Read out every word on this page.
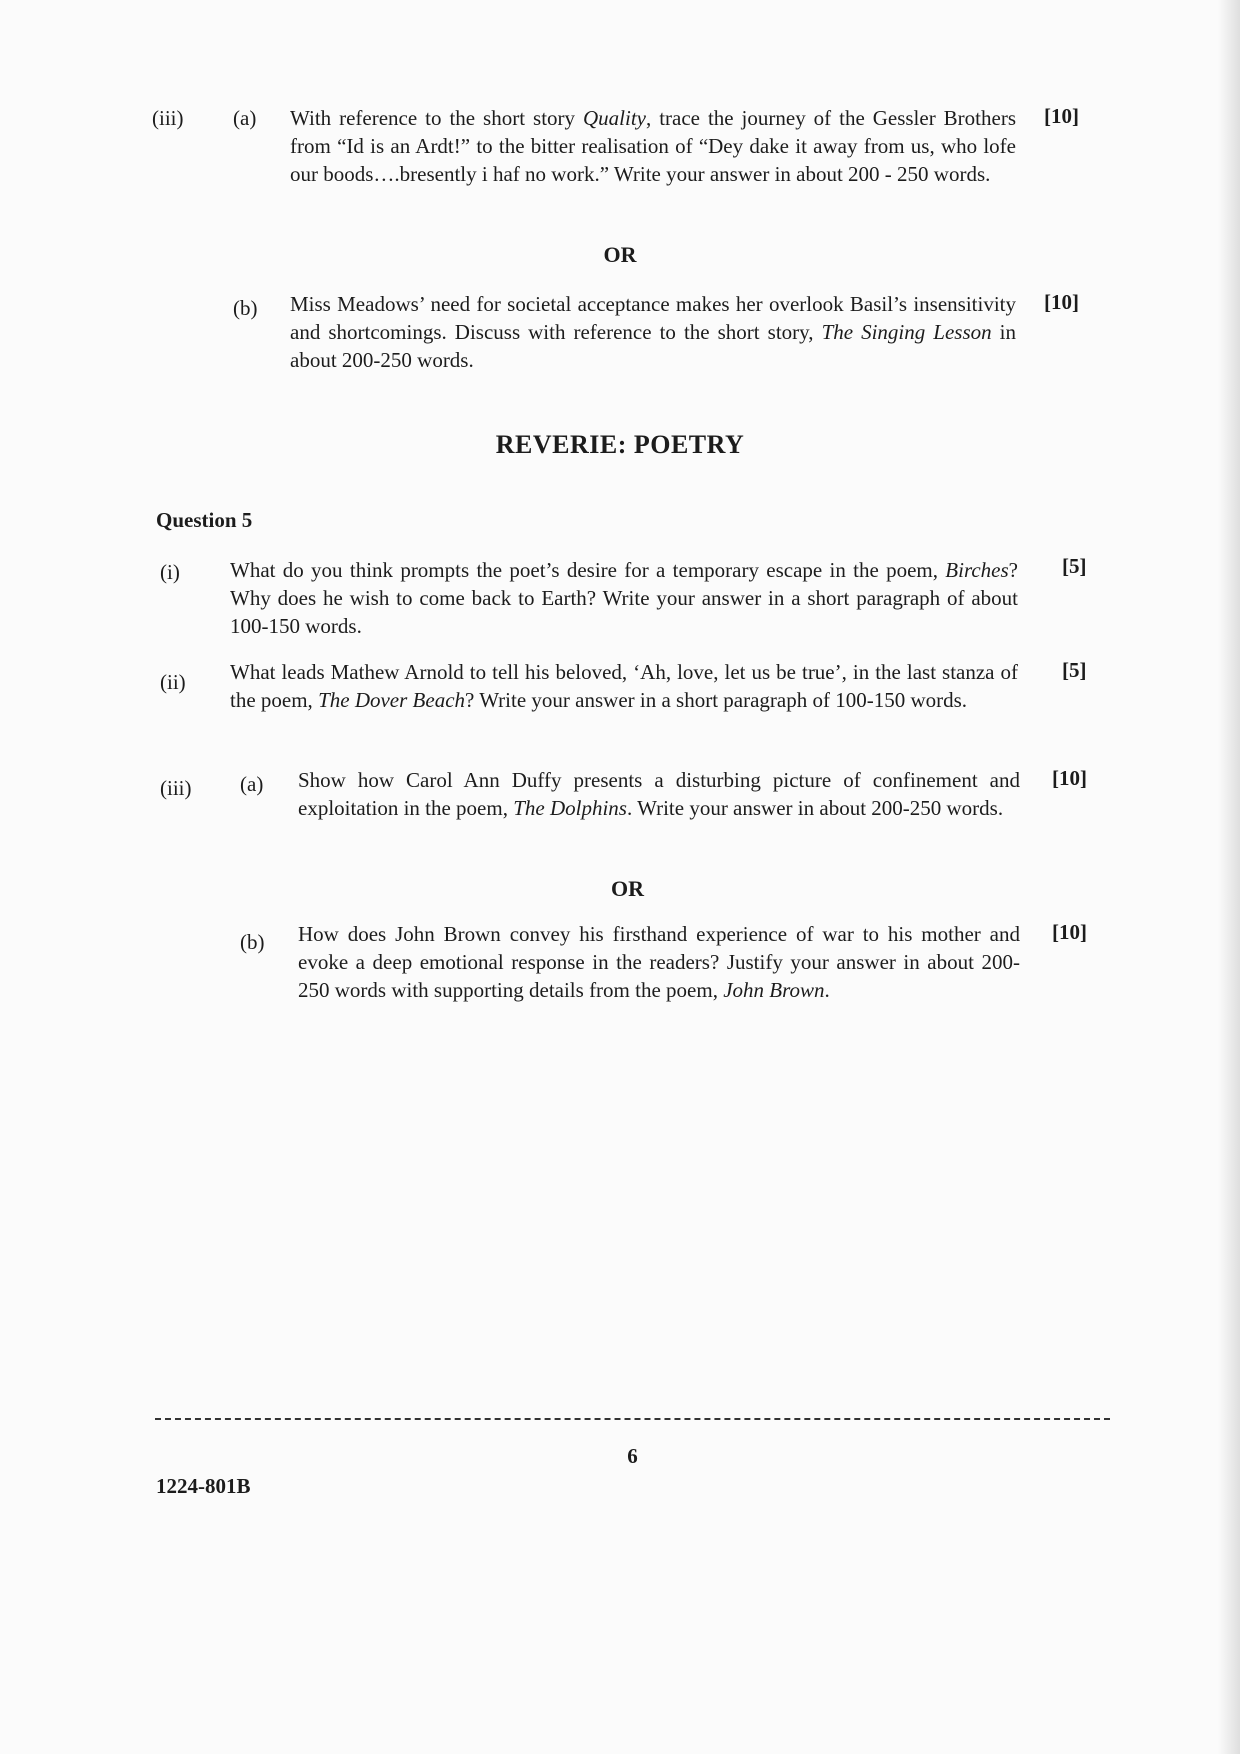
(iii) (a) With reference to the short story Quality, trace the journey of the Gessler Brothers from “Id is an Ardt!” to the bitter realisation of “Dey dake it away from us, who lofe our boods….bresently i haf no work.” Write your answer in about 200 - 250 words.
[10]
OR
(b) Miss Meadows’ need for societal acceptance makes her overlook Basil’s insensitivity and shortcomings. Discuss with reference to the short story, The Singing Lesson in about 200-250 words.
[10]
REVERIE: POETRY
Question 5
(i) What do you think prompts the poet’s desire for a temporary escape in the poem, Birches? Why does he wish to come back to Earth? Write your answer in a short paragraph of about 100-150 words.
[5]
(ii) What leads Mathew Arnold to tell his beloved, ‘Ah, love, let us be true’, in the last stanza of the poem, The Dover Beach? Write your answer in a short paragraph of 100-150 words.
[5]
(iii) (a) Show how Carol Ann Duffy presents a disturbing picture of confinement and exploitation in the poem, The Dolphins. Write your answer in about 200-250 words.
[10]
OR
(b) How does John Brown convey his firsthand experience of war to his mother and evoke a deep emotional response in the readers? Justify your answer in about 200-250 words with supporting details from the poem, John Brown.
[10]
6
1224-801B
